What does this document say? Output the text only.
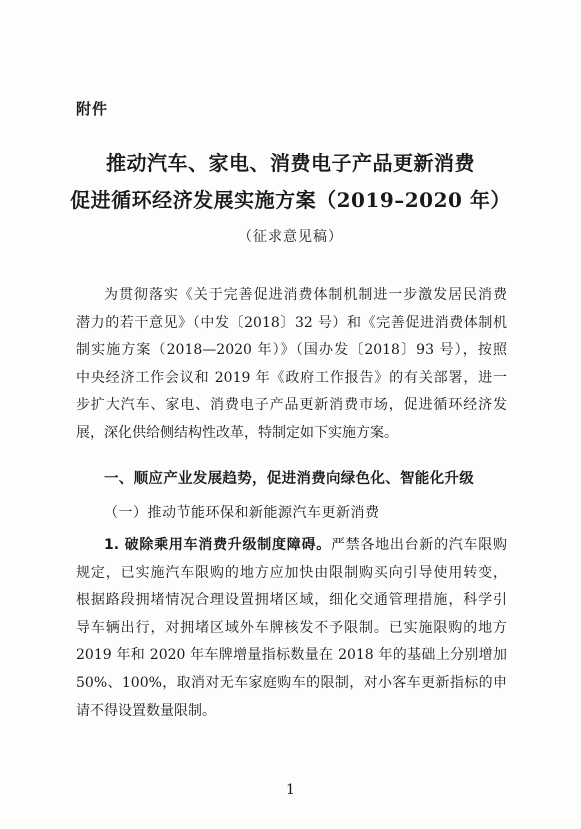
附件
推动汽车、家电、消费电子产品更新消费
促进循环经济发展实施方案（2019–2020 年）
（征求意见稿）
为贯彻落实《关于完善促进消费体制机制进一步激发居民消费
潜力的若干意见》（中发〔2018〕32 号）和《完善促进消费体制机
制实施方案（2018—2020 年）》（国办发〔2018〕93 号），按照
中央经济工作会议和 2019 年《政府工作报告》的有关部署，进一
步扩大汽车、家电、消费电子产品更新消费市场，促进循环经济发
展，深化供给侧结构性改革，特制定如下实施方案。
一、顺应产业发展趋势，促进消费向绿色化、智能化升级
（一）推动节能环保和新能源汽车更新消费
1. 破除乘用车消费升级制度障碍。严禁各地出台新的汽车限购
规定，已实施汽车限购的地方应加快由限制购买向引导使用转变，
根据路段拥堵情况合理设置拥堵区域，细化交通管理措施，科学引
导车辆出行，对拥堵区域外车牌核发不予限制。已实施限购的地方
2019 年和 2020 年车牌增量指标数量在 2018 年的基础上分别增加
50%、100%，取消对无车家庭购车的限制，对小客车更新指标的申
请不得设置数量限制。
1
